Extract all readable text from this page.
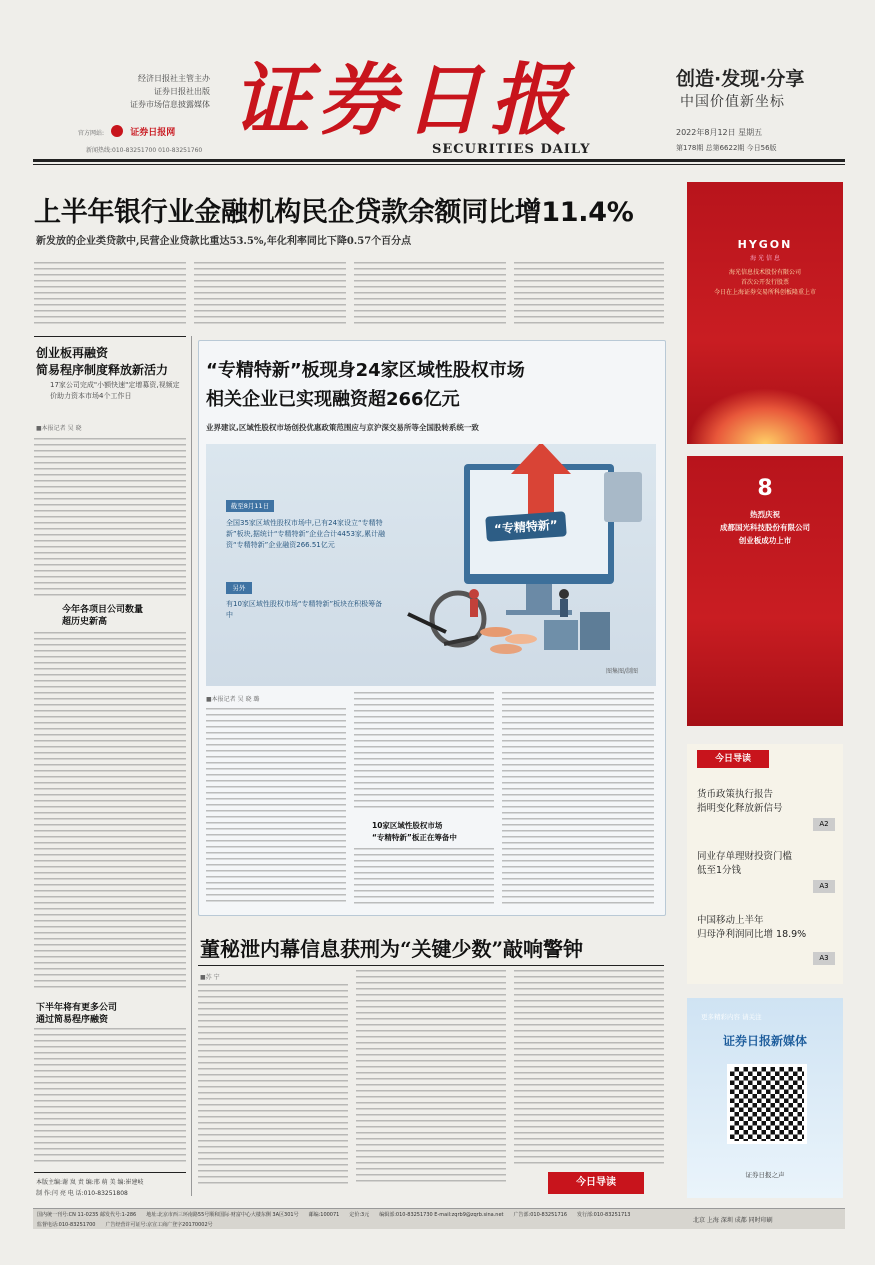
经济日报社主管主办
证券日报社出版
证券市场信息披露媒体
官方网站:	证券日报网
新闻热线:010-83251700 010-83251760
证券日报
SECURITIES DAILY
创造·发现·分享
中国价值新坐标
2022年8月12日 星期五
第178期 总第6622期 今日56版
上半年银行业金融机构民企贷款余额同比增11.4%
新发放的企业类贷款中,民营企业贷款比重达53.5%,年化利率同比下降0.57个百分点
创业板再融资
简易程序制度释放新活力
17家公司完成"小额快速"定增募资,视频定价助力资本市场4个工作日
■本报记者 吴 晓
今年各项目公司数量
超历史新高
下半年将有更多公司
通过简易程序融资
本版主编:谢 岚 责 编:邢 萌 美 编:崔建岐
制 作:闫 亮 电 话:010-83251808
“专精特新”板现身24家区域性股权市场
相关企业已实现融资超266亿元
业界建议,区域性股权市场创投优惠政策范围应与京沪深交易所等全国股转系统一致
“专精特新”
图集图/制图
截至8月11日
全国35家区域性股权市场中,已有24家设立“专精特新”板块,据统计“专精特新”企业合计4453家,累计融资“专精特新”企业融资266.51亿元
另外
有10家区域性股权市场“专精特新”板块在积极筹备中
■本报记者 吴 晓 璐
10家区域性股权市场
“专精特新”板正在筹备中
董秘泄内幕信息获刑为“关键少数”敲响警钟
■苏 宁
今日导读
HYGON
海 光 信 息
海光信息技术股份有限公司
首次公开发行股票
今日在上海证券交易所科创板隆重上市
8
热烈庆祝
成都国光科技股份有限公司
创业板成功上市
今日导读
货币政策执行报告
指明变化释放新信号
A2
同业存单理财投资门槛
低至1分钱
A3
中国移动上半年
归母净利润同比增 18.9%
A3
更多精彩内容 请关注
证券日报新媒体
证券日报之声
国内统一刊号:CN 11-0235 邮发代号:1-286 地址:北京市西三环南路55号顺和国际·财富中心大楼东侧 3A区301号 邮编:100071 定价:3元 编辑部:010-83251730 E-mail:zqrb9@zqrb.sina.net 广告部:010-83251716 发行部:010-83251713
监督电话:010-83251700 广告经营许可证号:京宣工商广登字20170002号
北京 上海 深圳 成都 同时印刷
